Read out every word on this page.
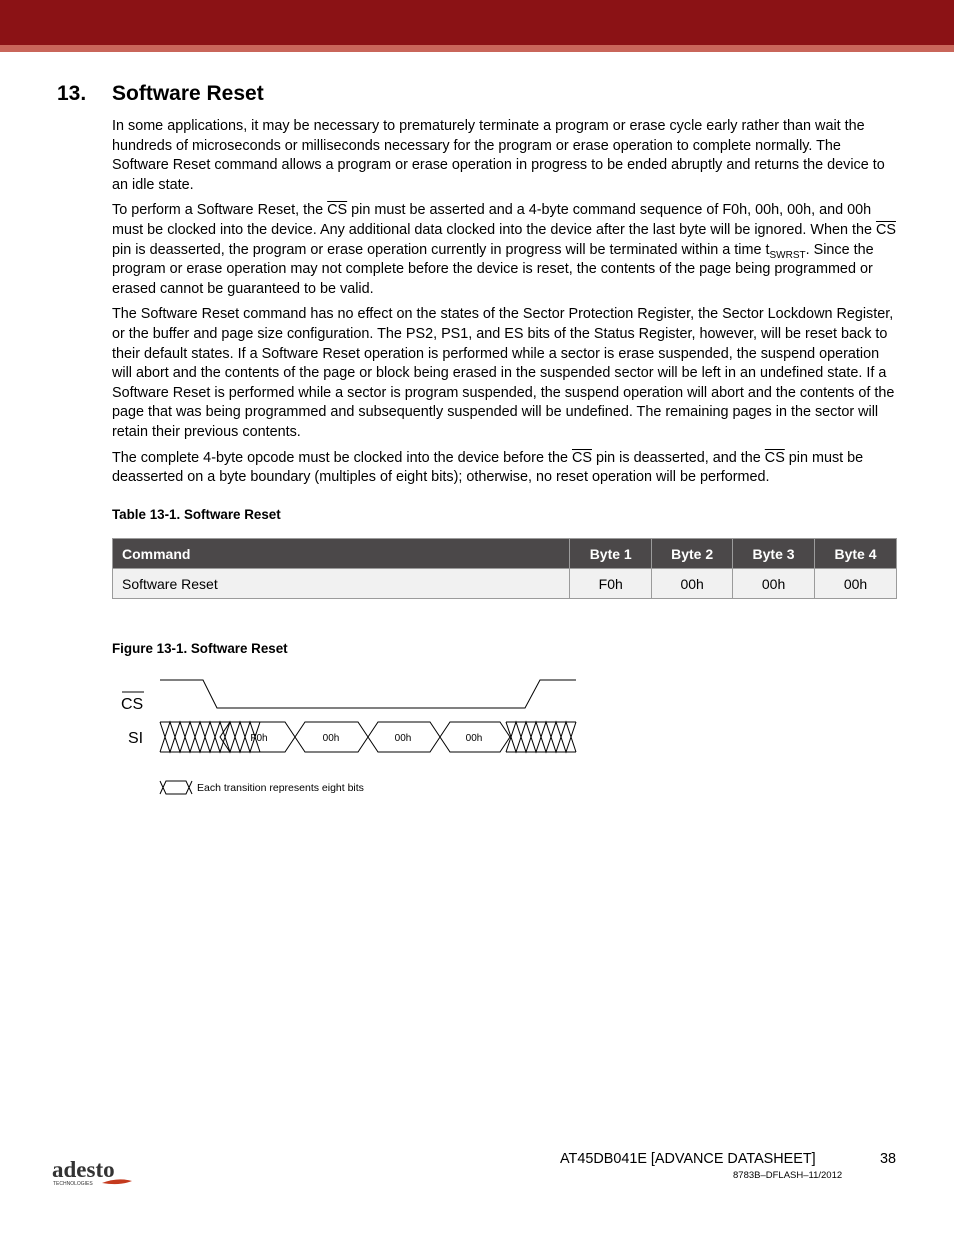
13. Software Reset

In some applications, it may be necessary to prematurely terminate a program or erase cycle early rather than wait the hundreds of microseconds or milliseconds necessary for the program or erase operation to complete normally. The Software Reset command allows a program or erase operation in progress to be ended abruptly and returns the device to an idle state.

To perform a Software Reset, the $\overline{CS}$ pin must be asserted and a 4-byte command sequence of F0h, 00h, 00h, and 00h must be clocked into the device. Any additional data clocked into the device after the last byte will be ignored. When the $\overline{CS}$ pin is deasserted, the program or erase operation currently in progress will be terminated within a time $t_{SWRST}$. Since the program or erase operation may not complete before the device is reset, the contents of the page being programmed or erased cannot be guaranteed to be valid.

The Software Reset command has no effect on the states of the Sector Protection Register, the Sector Lockdown Register, or the buffer and page size configuration. The PS2, PS1, and ES bits of the Status Register, however, will be reset back to their default states. If a Software Reset operation is performed while a sector is erase suspended, the suspend operation will abort and the contents of the page or block being erased in the suspended sector will be left in an undefined state. If a Software Reset is performed while a sector is program suspended, the suspend operation will abort and the contents of the page that was being programmed and subsequently suspended will be undefined. The remaining pages in the sector will retain their previous contents.

The complete 4-byte opcode must be clocked into the device before the $\overline{CS}$ pin is deasserted, and the $\overline{CS}$ pin must be deasserted on a byte boundary (multiples of eight bits); otherwise, no reset operation will be performed.

Table 13-1. Software Reset
Command	Byte 1	Byte 2	Byte 3	Byte 4
Software Reset	F0h	00h	00h	00h
Figure 13-1. Software Reset
CS
SI	F0h	00h	00h	00h
Each transition represents eight bits
adesto
TECHNOLOGIES
AT45DB041E [ADVANCE DATASHEET]	38
8783B–DFLASH–11/2012
